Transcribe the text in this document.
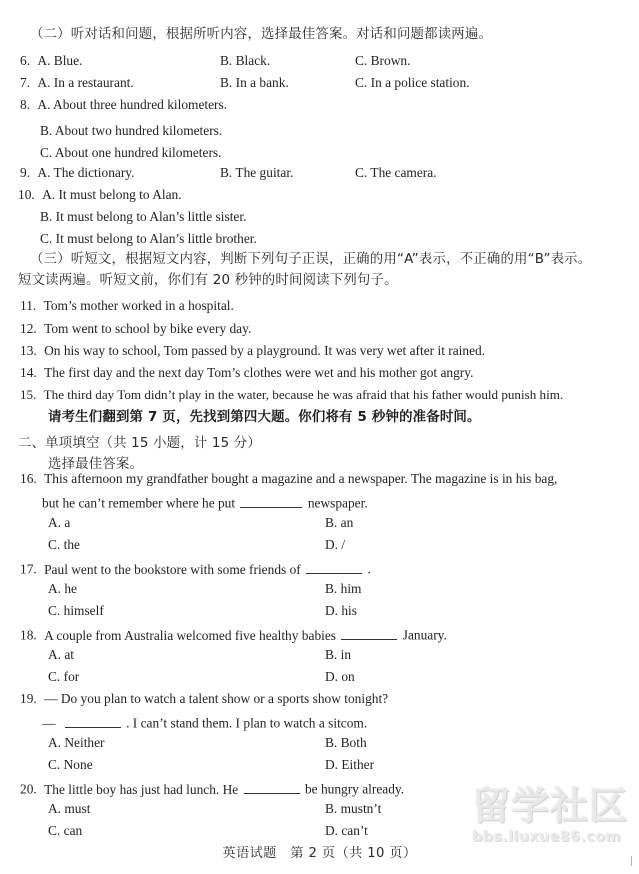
（二）听对话和问题，根据所听内容，选择最佳答案。对话和问题都读两遍。
6. A. Blue.	B. Black.	C. Brown.
7. A. In a restaurant.	B. In a bank.	C. In a police station.
8. A. About three hundred kilometers.
B. About two hundred kilometers.
C. About one hundred kilometers.
9. A. The dictionary.	B. The guitar.	C. The camera.
10. A. It must belong to Alan.
B. It must belong to Alan’s little sister.
C. It must belong to Alan’s little brother.
（三）听短文，根据短文内容，判断下列句子正误，正确的用“A”表示，不正确的用“B”表示。
短文读两遍。听短文前，你们有 20 秒钟的时间阅读下列句子。
11. Tom’s mother worked in a hospital.
12. Tom went to school by bike every day.
13. On his way to school, Tom passed by a playground. It was very wet after it rained.
14. The first day and the next day Tom’s clothes were wet and his mother got angry.
15. The third day Tom didn’t play in the water, because he was afraid that his father would punish him.
请考生们翻到第 7 页，先找到第四大题。你们将有 5 秒钟的准备时间。
二、单项填空（共 15 小题，计 15 分）
选择最佳答案。
16. This afternoon my grandfather bought a magazine and a newspaper. The magazine is in his bag,
but he can’t remember where he put	newspaper.
A. a	B. an
C. the	D. /
17. Paul went to the bookstore with some friends of	.
A. he	B. him
C. himself	D. his
18. A couple from Australia welcomed five healthy babies	January.
A. at	B. in
C. for	D. on
19. — Do you plan to watch a talent show or a sports show tonight?
—	. I can’t stand them. I plan to watch a sitcom.
A. Neither	B. Both
C. None	D. Either
20. The little boy has just had lunch. He	be hungry already.
A. must	B. mustn’t
C. can	D. can’t
留学社区
bbs.liuxue86.com
英语试题　第 2 页（共 10 页）
